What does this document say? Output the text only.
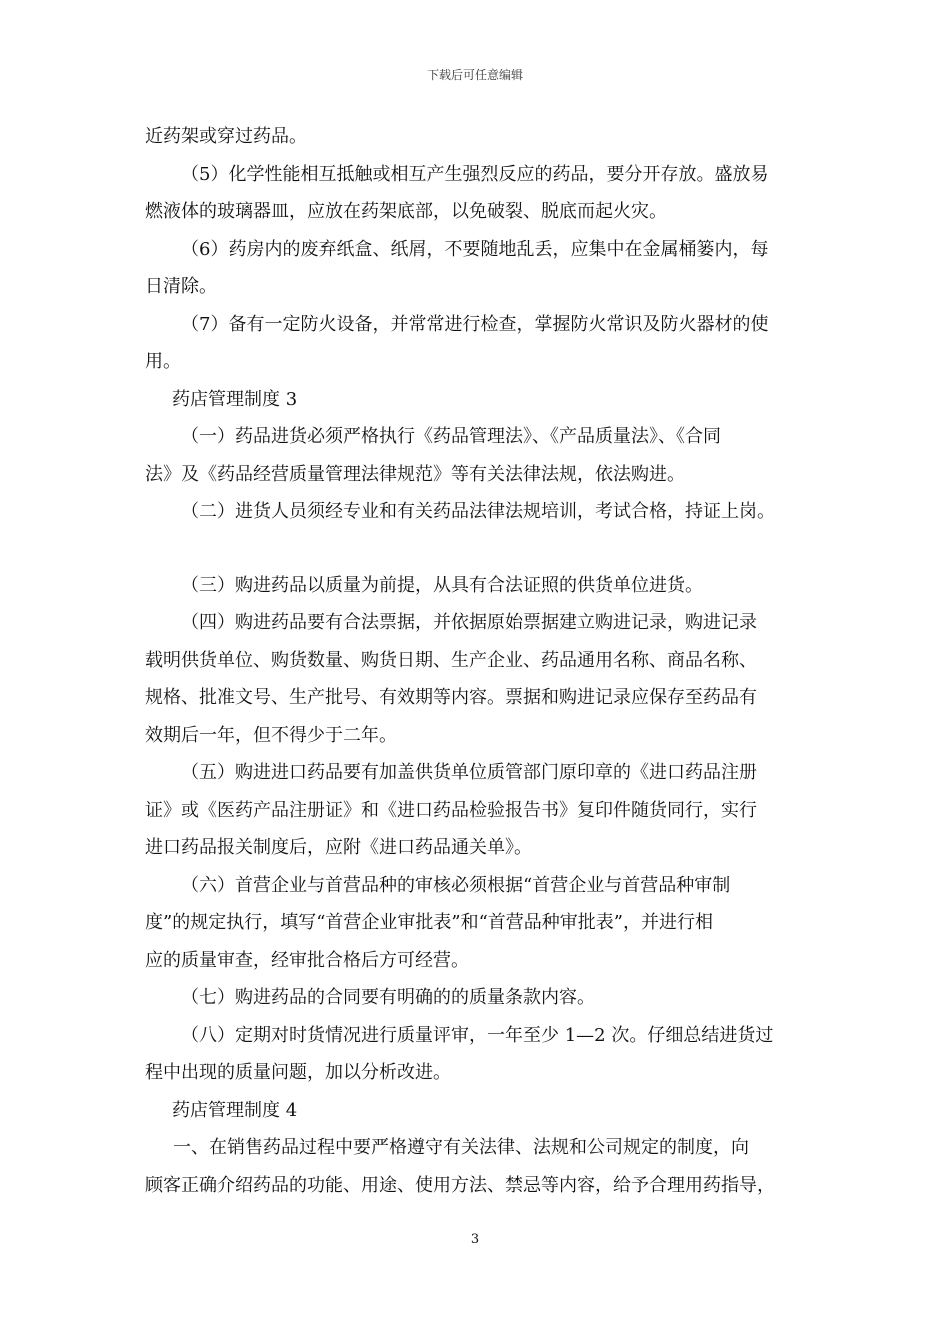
下载后可任意编辑
近药架或穿过药品。
（5）化学性能相互抵触或相互产生强烈反应的药品，要分开存放。盛放易
燃液体的玻璃器皿，应放在药架底部，以免破裂、脱底而起火灾。
（6）药房内的废弃纸盒、纸屑，不要随地乱丢，应集中在金属桶篓内，每
日清除。
（7）备有一定防火设备，并常常进行检查，掌握防火常识及防火器材的使
用。
药店管理制度 3
（一）药品进货必须严格执行《药品管理法》、《产品质量法》、《合同
法》及《药品经营质量管理法律规范》等有关法律法规，依法购进。
（二）进货人员须经专业和有关药品法律法规培训，考试合格，持证上岗。
（三）购进药品以质量为前提，从具有合法证照的供货单位进货。
（四）购进药品要有合法票据，并依据原始票据建立购进记录，购进记录
载明供货单位、购货数量、购货日期、生产企业、药品通用名称、商品名称、
规格、批准文号、生产批号、有效期等内容。票据和购进记录应保存至药品有
效期后一年，但不得少于二年。
（五）购进进口药品要有加盖供货单位质管部门原印章的《进口药品注册
证》或《医药产品注册证》和《进口药品检验报告书》复印件随货同行，实行
进口药品报关制度后，应附《进口药品通关单》。
（六）首营企业与首营品种的审核必须根据“首营企业与首营品种审制
度”的规定执行，填写“首营企业审批表”和“首营品种审批表”，并进行相
应的质量审查，经审批合格后方可经营。
（七）购进药品的合同要有明确的的质量条款内容。
（八）定期对时货情况进行质量评审，一年至少 1—2 次。仔细总结进货过
程中出现的质量问题，加以分析改进。
药店管理制度 4
一、在销售药品过程中要严格遵守有关法律、法规和公司规定的制度，向
顾客正确介绍药品的功能、用途、使用方法、禁忌等内容，给予合理用药指导，
3
